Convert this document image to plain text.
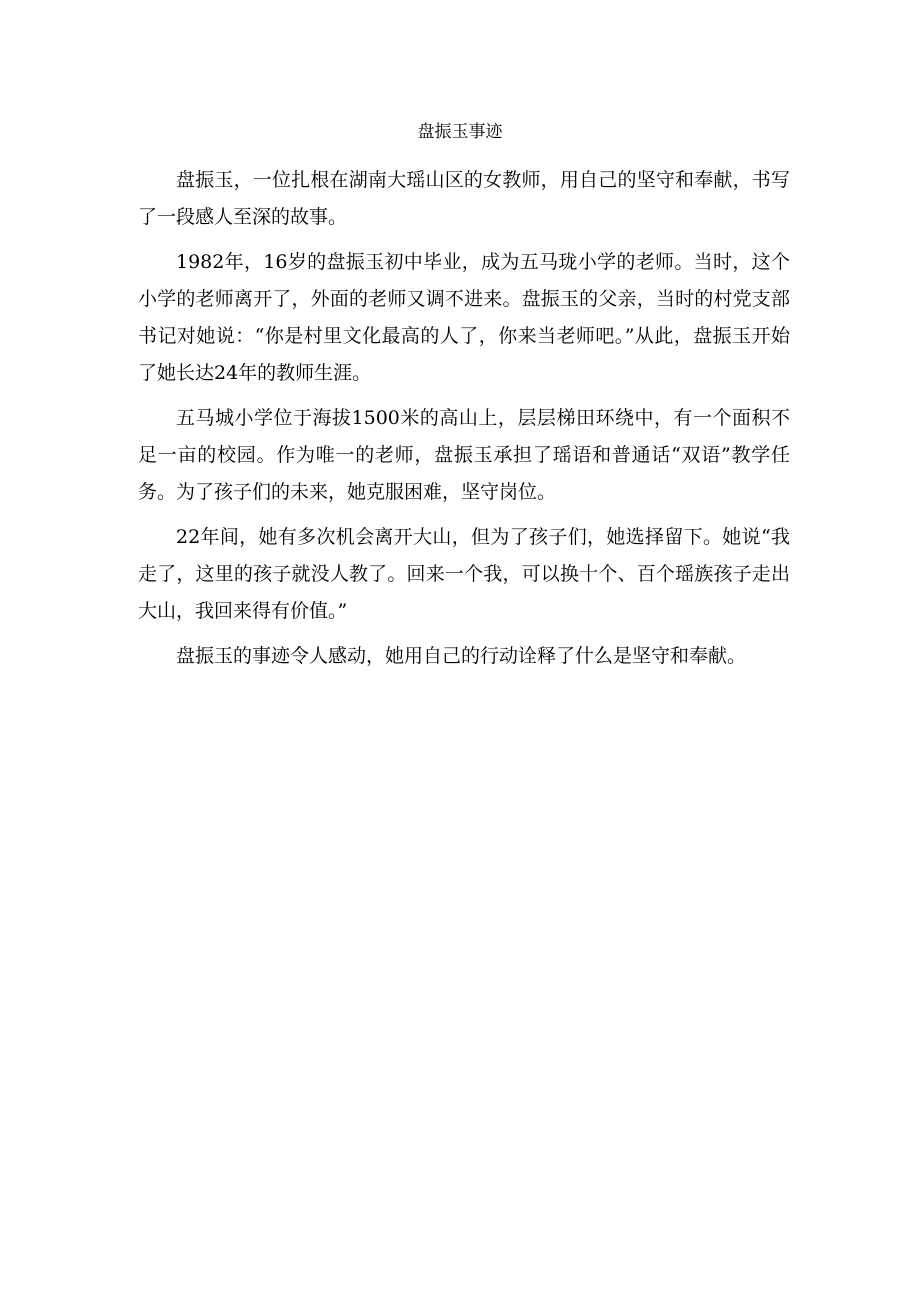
盘振玉事迹

盘振玉，一位扎根在湖南大瑶山区的女教师，用自己的坚守和奉献，书写了一段感人至深的故事。

1982年，16岁的盘振玉初中毕业，成为五马珑小学的老师。当时，这个小学的老师离开了，外面的老师又调不进来。盘振玉的父亲，当时的村党支部书记对她说：“你是村里文化最高的人了，你来当老师吧。”从此，盘振玉开始了她长达24年的教师生涯。

五马城小学位于海拔1500米的高山上，层层梯田环绕中，有一个面积不足一亩的校园。作为唯一的老师，盘振玉承担了瑶语和普通话“双语”教学任务。为了孩子们的未来，她克服困难，坚守岗位。

22年间，她有多次机会离开大山，但为了孩子们，她选择留下。她说“我走了，这里的孩子就没人教了。回来一个我，可以换十个、百个瑶族孩子走出大山，我回来得有价值。”

盘振玉的事迹令人感动，她用自己的行动诠释了什么是坚守和奉献。
